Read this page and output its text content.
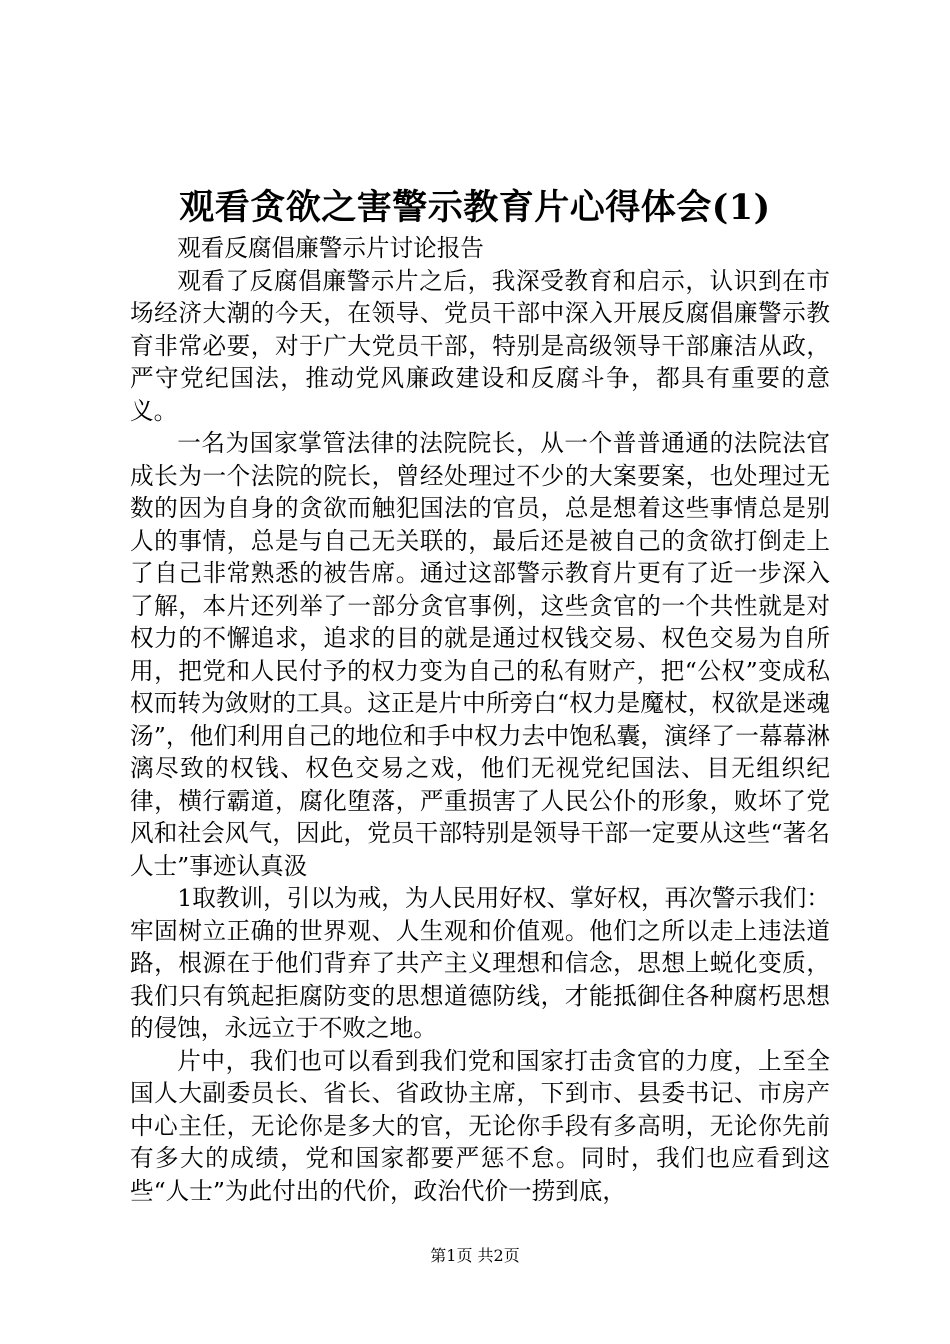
观看贪欲之害警示教育片心得体会(1)

观看反腐倡廉警示片讨论报告

观看了反腐倡廉警示片之后，我深受教育和启示，认识到在市场经济大潮的今天，在领导、党员干部中深入开展反腐倡廉警示教育非常必要，对于广大党员干部，特别是高级领导干部廉洁从政，严守党纪国法，推动党风廉政建设和反腐斗争，都具有重要的意义。

一名为国家掌管法律的法院院长，从一个普普通通的法院法官成长为一个法院的院长，曾经处理过不少的大案要案，也处理过无数的因为自身的贪欲而触犯国法的官员，总是想着这些事情总是别人的事情，总是与自己无关联的，最后还是被自己的贪欲打倒走上了自己非常熟悉的被告席。通过这部警示教育片更有了近一步深入了解，本片还列举了一部分贪官事例，这些贪官的一个共性就是对权力的不懈追求，追求的目的就是通过权钱交易、权色交易为自所用，把党和人民付予的权力变为自己的私有财产，把“公权”变成私权而转为敛财的工具。这正是片中所旁白“权力是魔杖，权欲是迷魂汤”，他们利用自己的地位和手中权力去中饱私囊，演绎了一幕幕淋漓尽致的权钱、权色交易之戏，他们无视党纪国法、目无组织纪律，横行霸道，腐化堕落，严重损害了人民公仆的形象，败坏了党风和社会风气，因此，党员干部特别是领导干部一定要从这些“著名人士”事迹认真汲

1取教训，引以为戒，为人民用好权、掌好权，再次警示我们：牢固树立正确的世界观、人生观和价值观。他们之所以走上违法道路，根源在于他们背弃了共产主义理想和信念，思想上蜕化变质，我们只有筑起拒腐防变的思想道德防线，才能抵御住各种腐朽思想的侵蚀，永远立于不败之地。

片中，我们也可以看到我们党和国家打击贪官的力度，上至全国人大副委员长、省长、省政协主席，下到市、县委书记、市房产中心主任，无论你是多大的官，无论你手段有多高明，无论你先前有多大的成绩，党和国家都要严惩不怠。同时，我们也应看到这些“人士”为此付出的代价，政治代价一捞到底，

第1页 共2页
